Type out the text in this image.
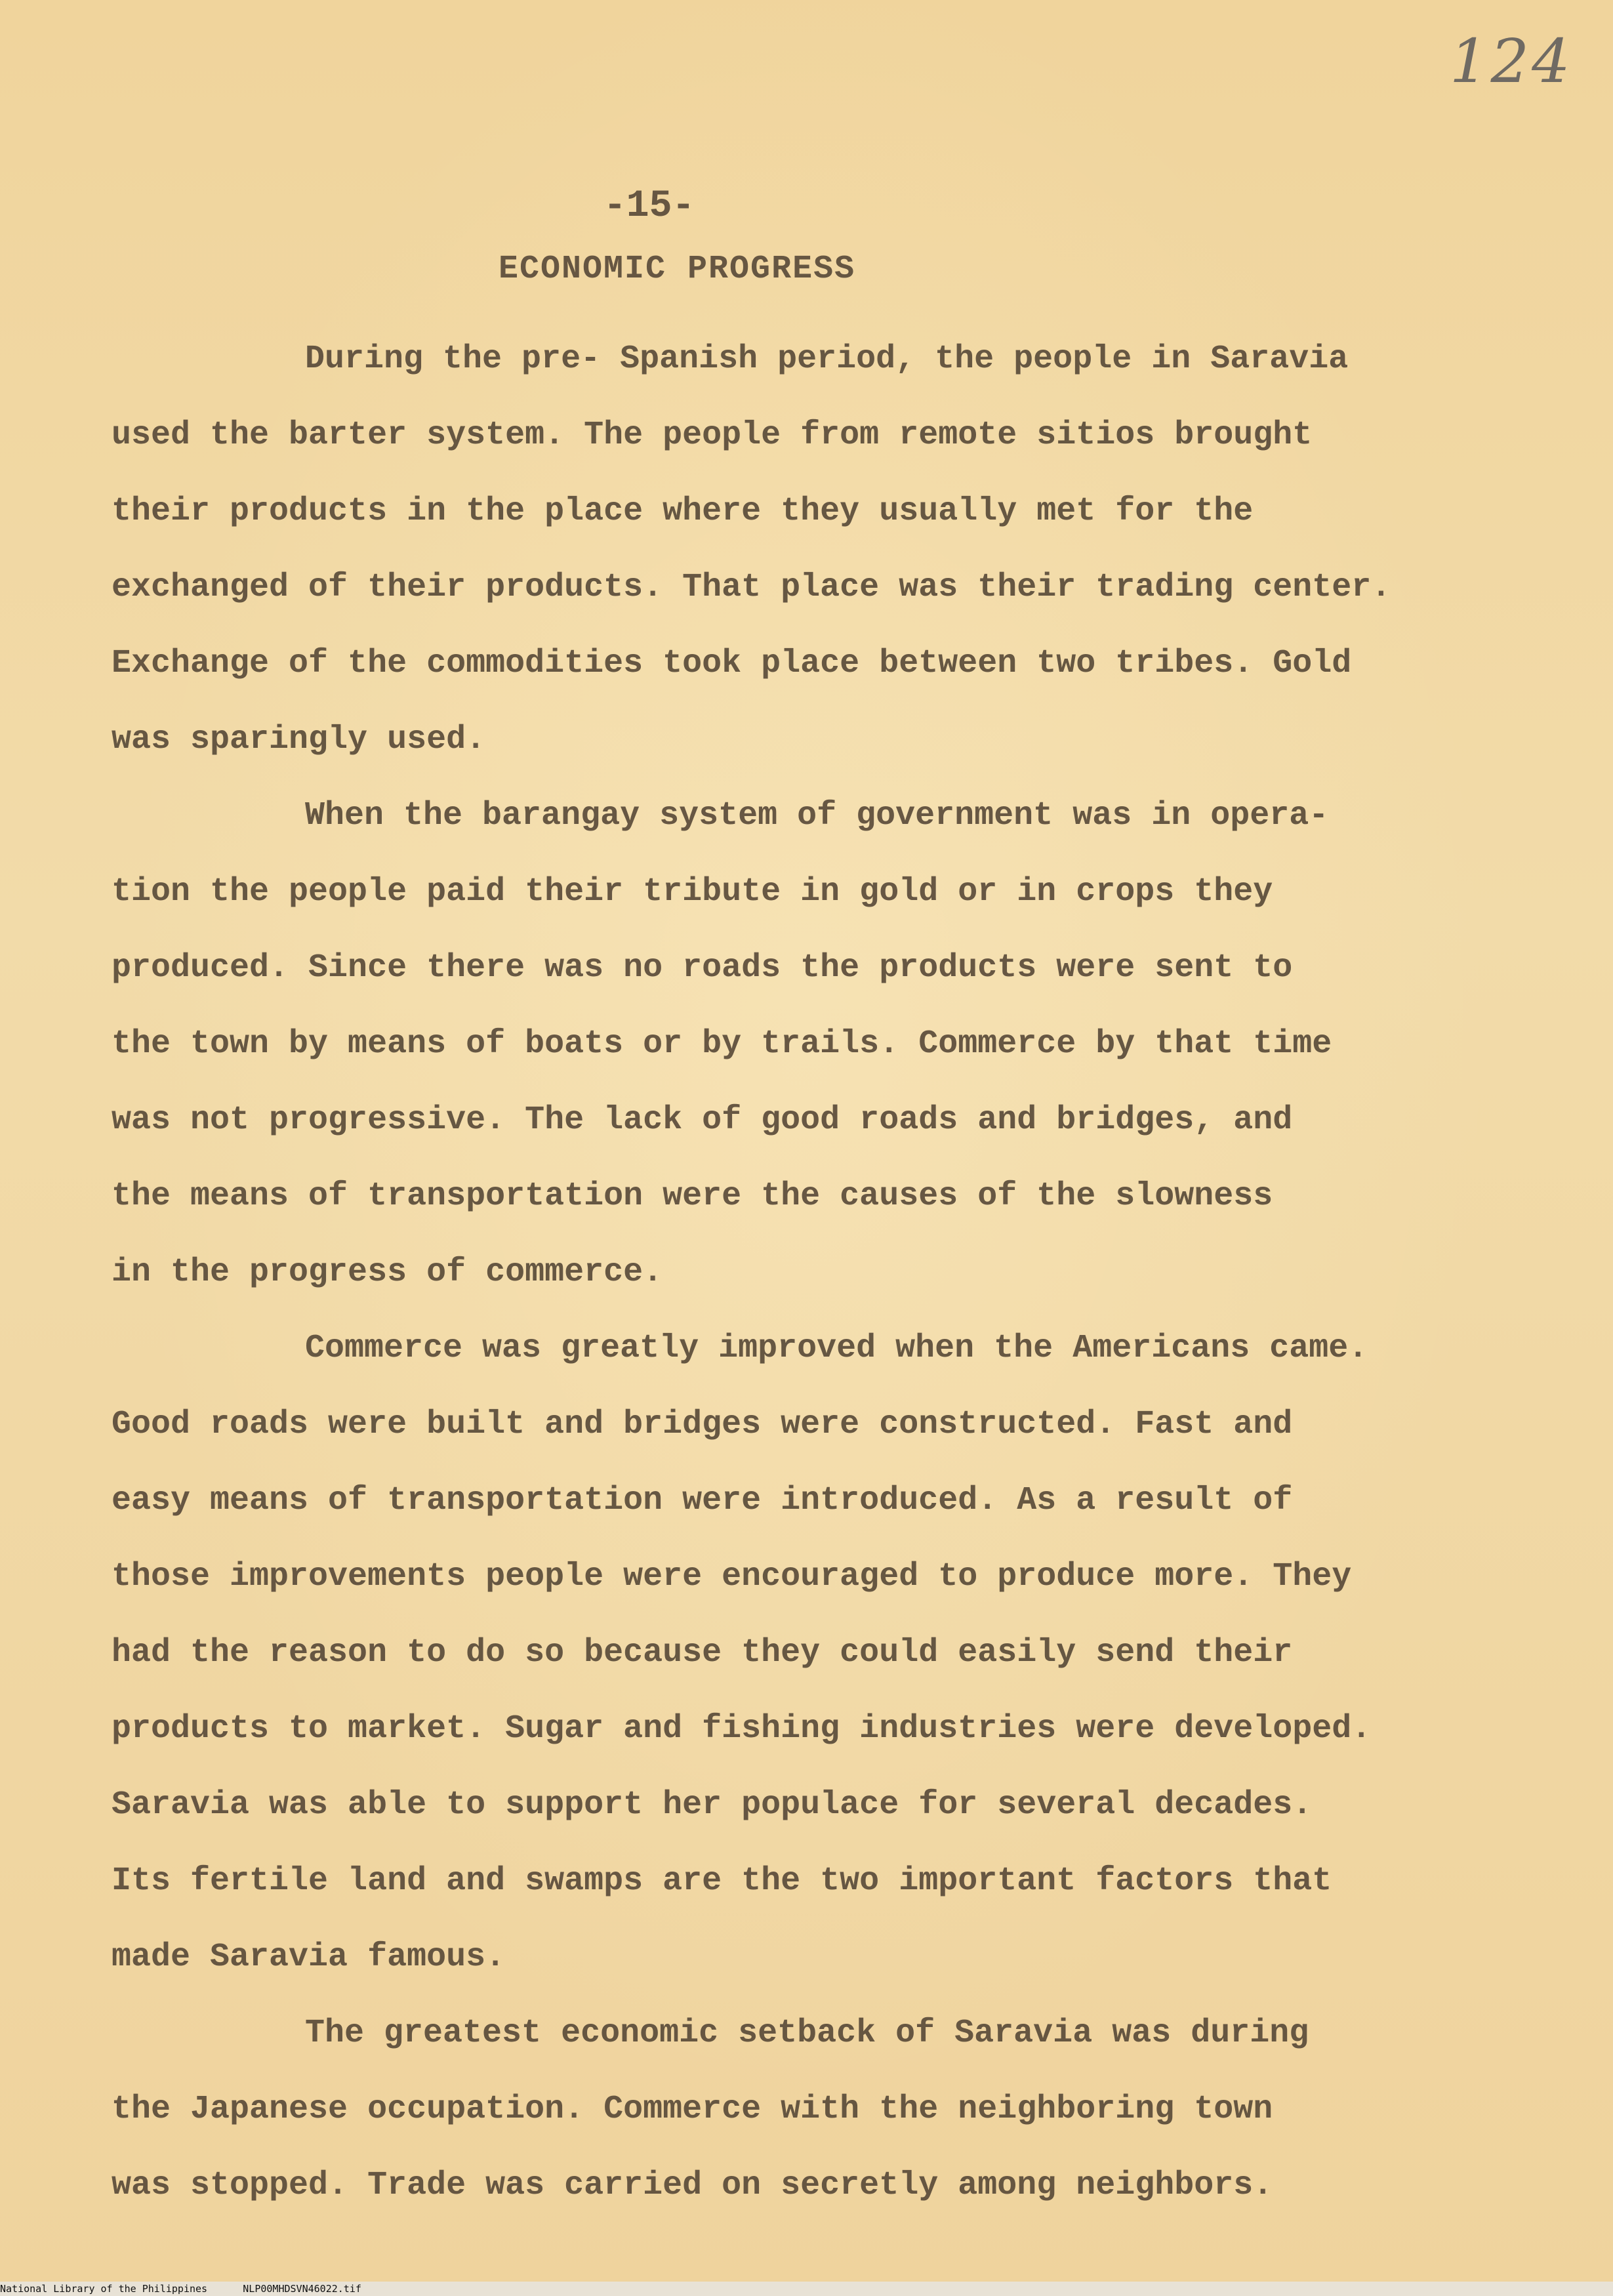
124
-15-
ECONOMIC PROGRESS
During the pre- Spanish period, the people in Saravia
used the barter system. The people from remote sitios brought
their products in the place where they usually met for the
exchanged of their products. That place was their trading center.
Exchange of the commodities took place between two tribes. Gold
was sparingly used.
When the barangay system of government was in opera-
tion the people paid their tribute in gold or in crops they
produced. Since there was no roads the products were sent to
the town by means of boats or by trails. Commerce by that time
was not progressive. The lack of good roads and bridges, and
the means of transportation were the causes of the slowness
in the progress of commerce.
Commerce was greatly improved when the Americans came.
Good roads were built and bridges were constructed. Fast and
easy means of transportation were introduced. As a result of
those improvements people were encouraged to produce more. They
had the reason to do so because they could easily send their
products to market. Sugar and fishing industries were developed.
Saravia was able to support her populace for several decades.
Its fertile land and swamps are the two important factors that
made Saravia famous.
The greatest economic setback of Saravia was during
the Japanese occupation. Commerce with the neighboring town
was stopped. Trade was carried on secretly among neighbors.
National Library of the Philippines	NLP00MHDSVN46022.tif
